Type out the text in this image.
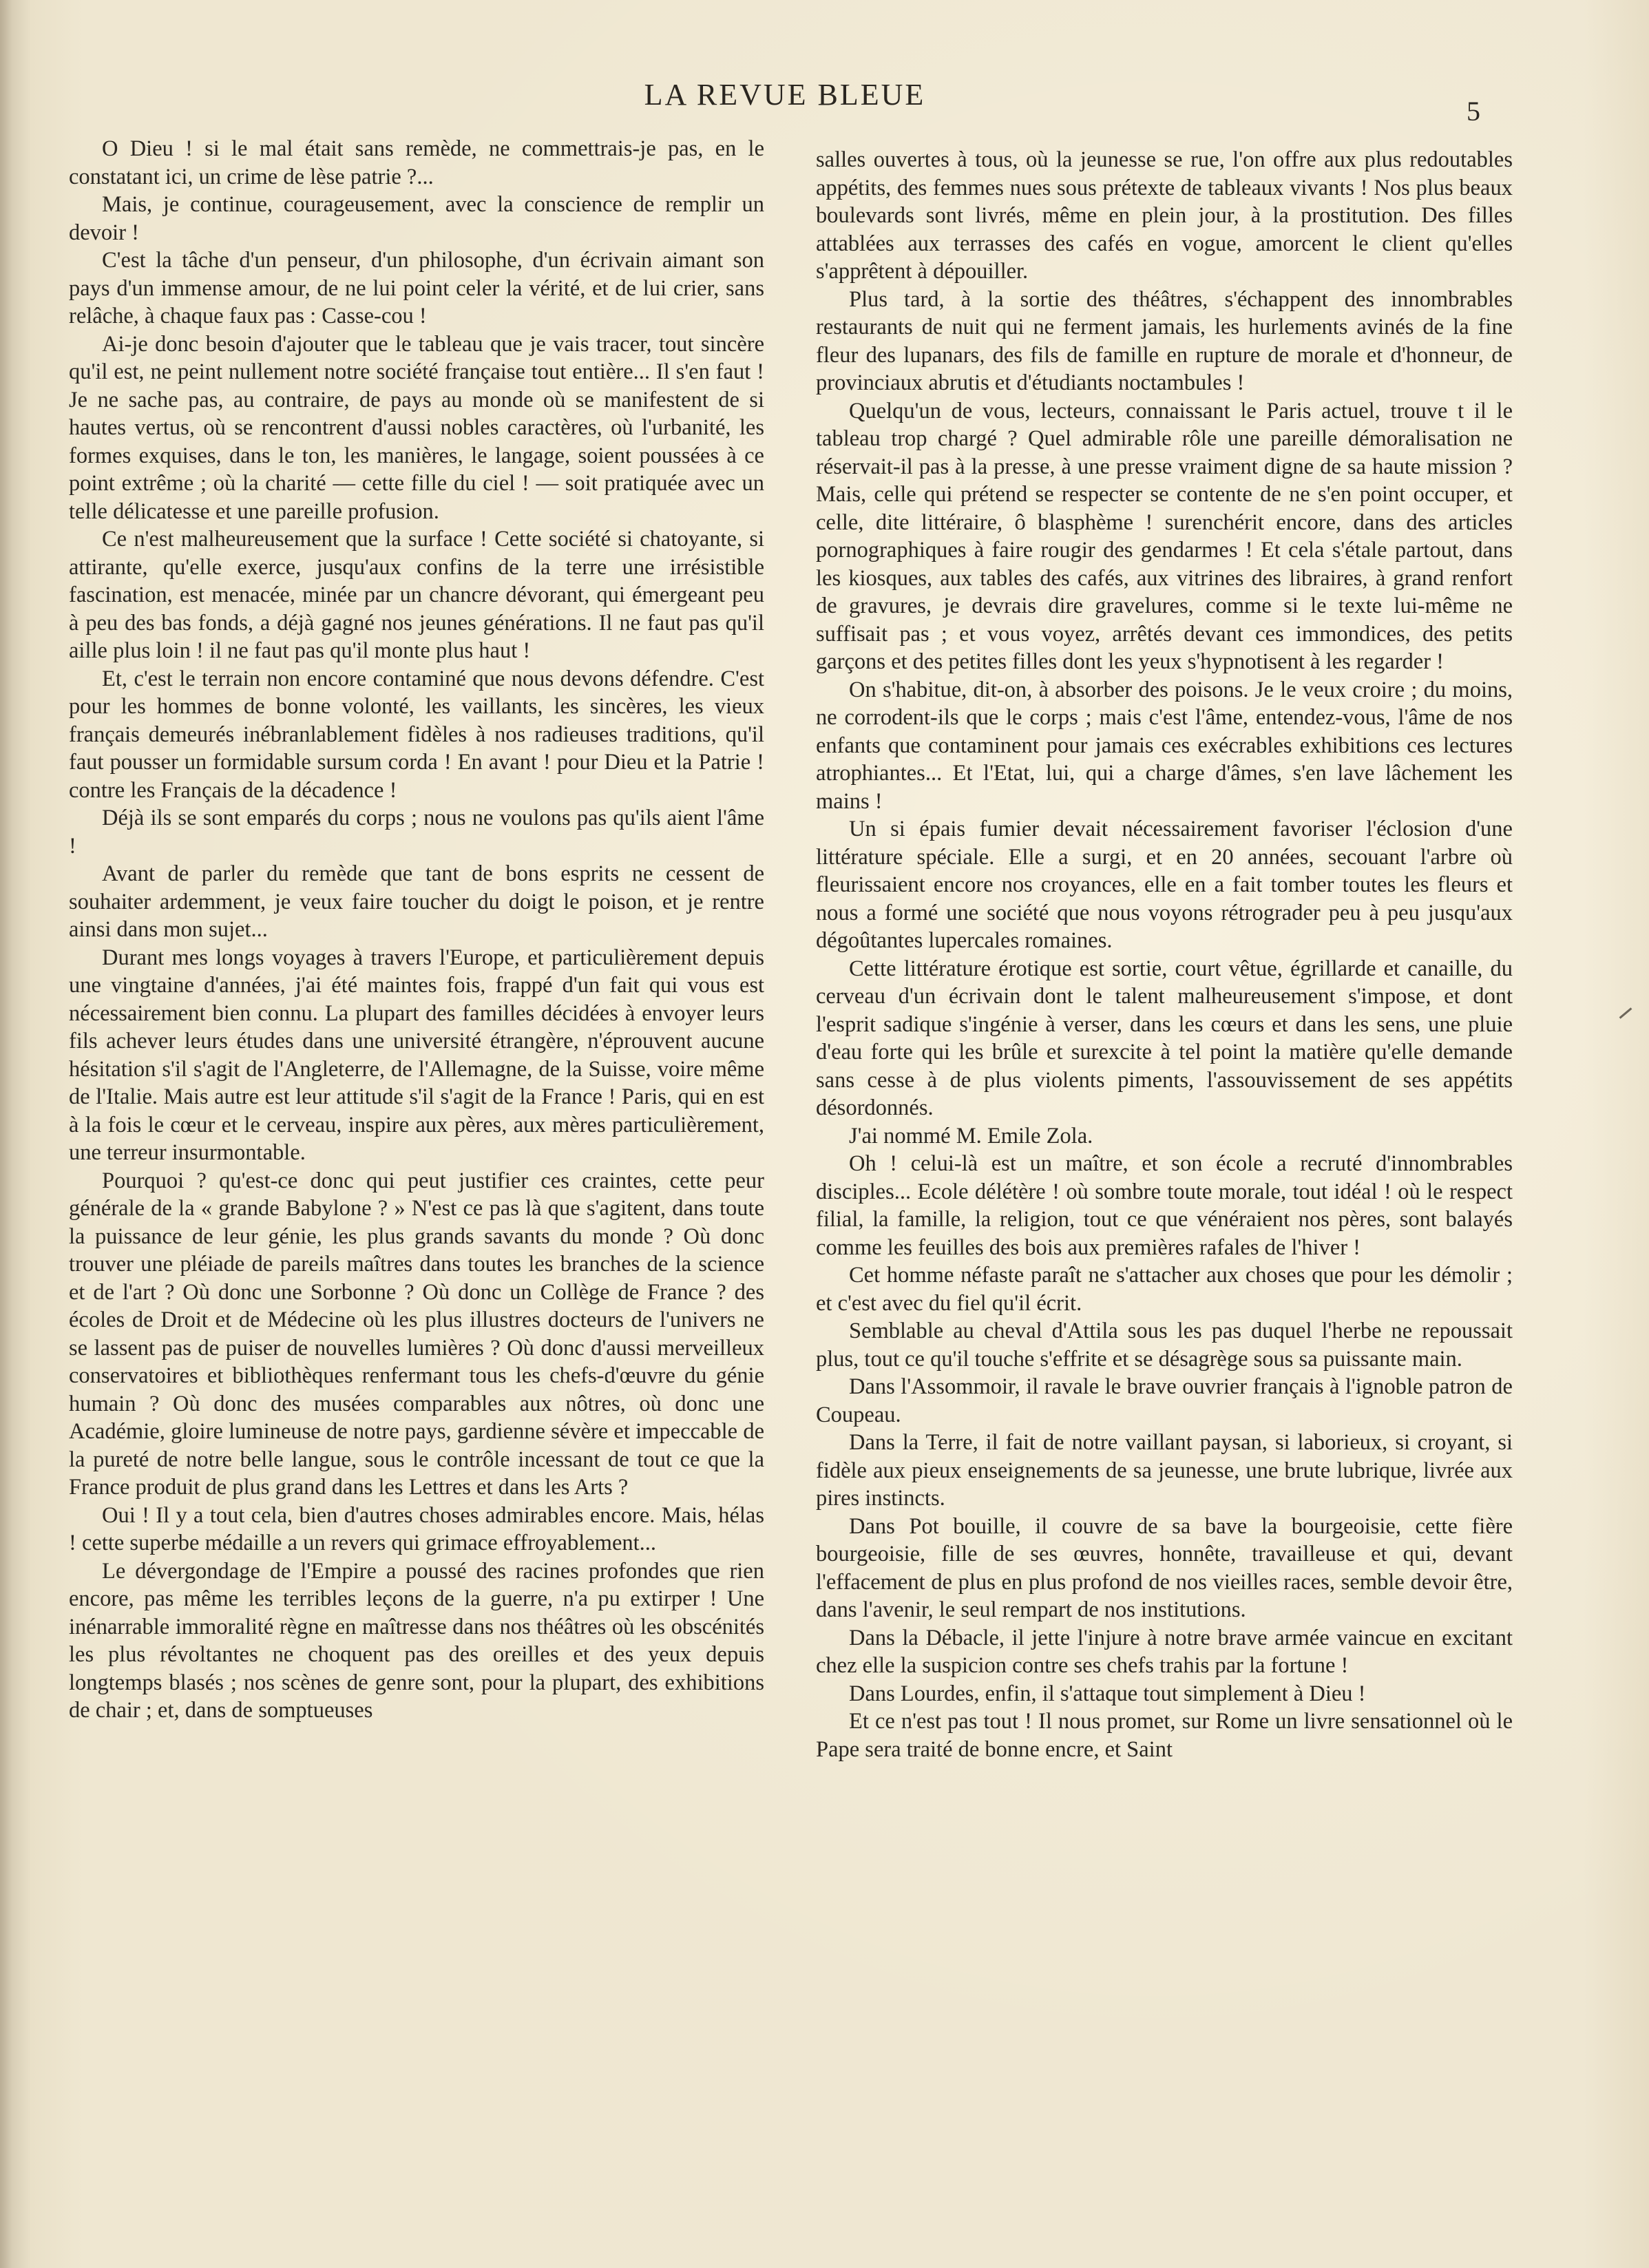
LA REVUE BLEUE	5

O Dieu ! si le mal était sans remède, ne commettrais-je pas, en le constatant ici, un crime de lèse patrie ?...

Mais, je continue, courageusement, avec la conscience de remplir un devoir !

C'est la tâche d'un penseur, d'un philosophe, d'un écrivain aimant son pays d'un immense amour, de ne lui point celer la vérité, et de lui crier, sans relâche, à chaque faux pas : Casse-cou !

Ai-je donc besoin d'ajouter que le tableau que je vais tracer, tout sincère qu'il est, ne peint nullement notre société française tout entière... Il s'en faut ! Je ne sache pas, au contraire, de pays au monde où se manifestent de si hautes vertus, où se rencontrent d'aussi nobles caractères, où l'urbanité, les formes exquises, dans le ton, les manières, le langage, soient poussées à ce point extrême ; où la charité — cette fille du ciel ! — soit pratiquée avec un telle délicatesse et une pareille profusion.

Ce n'est malheureusement que la surface ! Cette société si chatoyante, si attirante, qu'elle exerce, jusqu'aux confins de la terre une irrésistible fascination, est menacée, minée par un chancre dévorant, qui émergeant peu à peu des bas fonds, a déjà gagné nos jeunes générations. Il ne faut pas qu'il aille plus loin ! il ne faut pas qu'il monte plus haut !

Et, c'est le terrain non encore contaminé que nous devons défendre. C'est pour les hommes de bonne volonté, les vaillants, les sincères, les vieux français demeurés inébranlablement fidèles à nos radieuses traditions, qu'il faut pousser un formidable sursum corda ! En avant ! pour Dieu et la Patrie ! contre les Français de la décadence !

Déjà ils se sont emparés du corps ; nous ne voulons pas qu'ils aient l'âme !

Avant de parler du remède que tant de bons esprits ne cessent de souhaiter ardemment, je veux faire toucher du doigt le poison, et je rentre ainsi dans mon sujet...

Durant mes longs voyages à travers l'Europe, et particulièrement depuis une vingtaine d'années, j'ai été maintes fois, frappé d'un fait qui vous est nécessairement bien connu. La plupart des familles décidées à envoyer leurs fils achever leurs études dans une université étrangère, n'éprouvent aucune hésitation s'il s'agit de l'Angleterre, de l'Allemagne, de la Suisse, voire même de l'Italie. Mais autre est leur attitude s'il s'agit de la France ! Paris, qui en est à la fois le cœur et le cerveau, inspire aux pères, aux mères particulièrement, une terreur insurmontable.

Pourquoi ? qu'est-ce donc qui peut justifier ces craintes, cette peur générale de la « grande Babylone ? » N'est ce pas là que s'agitent, dans toute la puissance de leur génie, les plus grands savants du monde ? Où donc trouver une pléiade de pareils maîtres dans toutes les branches de la science et de l'art ? Où donc une Sorbonne ? Où donc un Collège de France ? des écoles de Droit et de Médecine où les plus illustres docteurs de l'univers ne se lassent pas de puiser de nouvelles lumières ? Où donc d'aussi merveilleux conservatoires et bibliothèques renfermant tous les chefs-d'œuvre du génie humain ? Où donc des musées comparables aux nôtres, où donc une Académie, gloire lumineuse de notre pays, gardienne sévère et impeccable de la pureté de notre belle langue, sous le contrôle incessant de tout ce que la France produit de plus grand dans les Lettres et dans les Arts ?

Oui ! Il y a tout cela, bien d'autres choses admirables encore. Mais, hélas ! cette superbe médaille a un revers qui grimace effroyablement...

Le dévergondage de l'Empire a poussé des racines profondes que rien encore, pas même les terribles leçons de la guerre, n'a pu extirper ! Une inénarrable immoralité règne en maîtresse dans nos théâtres où les obscénités les plus révoltantes ne choquent pas des oreilles et des yeux depuis longtemps blasés ; nos scènes de genre sont, pour la plupart, des exhibitions de chair ; et, dans de somptueuses

salles ouvertes à tous, où la jeunesse se rue, l'on offre aux plus redoutables appétits, des femmes nues sous prétexte de tableaux vivants ! Nos plus beaux boulevards sont livrés, même en plein jour, à la prostitution. Des filles attablées aux terrasses des cafés en vogue, amorcent le client qu'elles s'apprêtent à dépouiller.

Plus tard, à la sortie des théâtres, s'échappent des innombrables restaurants de nuit qui ne ferment jamais, les hurlements avinés de la fine fleur des lupanars, des fils de famille en rupture de morale et d'honneur, de provinciaux abrutis et d'étudiants noctambules !

Quelqu'un de vous, lecteurs, connaissant le Paris actuel, trouve t il le tableau trop chargé ? Quel admirable rôle une pareille démoralisation ne réservait-il pas à la presse, à une presse vraiment digne de sa haute mission ? Mais, celle qui prétend se respecter se contente de ne s'en point occuper, et celle, dite littéraire, ô blasphème ! surenchérit encore, dans des articles pornographiques à faire rougir des gendarmes ! Et cela s'étale partout, dans les kiosques, aux tables des cafés, aux vitrines des libraires, à grand renfort de gravures, je devrais dire gravelures, comme si le texte lui-même ne suffisait pas ; et vous voyez, arrêtés devant ces immondices, des petits garçons et des petites filles dont les yeux s'hypnotisent à les regarder !

On s'habitue, dit-on, à absorber des poisons. Je le veux croire ; du moins, ne corrodent-ils que le corps ; mais c'est l'âme, entendez-vous, l'âme de nos enfants que contaminent pour jamais ces exécrables exhibitions ces lectures atrophiantes... Et l'Etat, lui, qui a charge d'âmes, s'en lave lâchement les mains !

Un si épais fumier devait nécessairement favoriser l'éclosion d'une littérature spéciale. Elle a surgi, et en 20 années, secouant l'arbre où fleurissaient encore nos croyances, elle en a fait tomber toutes les fleurs et nous a formé une société que nous voyons rétrograder peu à peu jusqu'aux dégoûtantes lupercales romaines.

Cette littérature érotique est sortie, court vêtue, égrillarde et canaille, du cerveau d'un écrivain dont le talent malheureusement s'impose, et dont l'esprit sadique s'ingénie à verser, dans les cœurs et dans les sens, une pluie d'eau forte qui les brûle et surexcite à tel point la matière qu'elle demande sans cesse à de plus violents piments, l'assouvissement de ses appétits désordonnés.

J'ai nommé M. Emile Zola.

Oh ! celui-là est un maître, et son école a recruté d'innombrables disciples... Ecole délétère ! où sombre toute morale, tout idéal ! où le respect filial, la famille, la religion, tout ce que vénéraient nos pères, sont balayés comme les feuilles des bois aux premières rafales de l'hiver !

Cet homme néfaste paraît ne s'attacher aux choses que pour les démolir ; et c'est avec du fiel qu'il écrit.

Semblable au cheval d'Attila sous les pas duquel l'herbe ne repoussait plus, tout ce qu'il touche s'effrite et se désagrège sous sa puissante main.

Dans l'Assommoir, il ravale le brave ouvrier français à l'ignoble patron de Coupeau.

Dans la Terre, il fait de notre vaillant paysan, si laborieux, si croyant, si fidèle aux pieux enseignements de sa jeunesse, une brute lubrique, livrée aux pires instincts.

Dans Pot bouille, il couvre de sa bave la bourgeoisie, cette fière bourgeoisie, fille de ses œuvres, honnête, travailleuse et qui, devant l'effacement de plus en plus profond de nos vieilles races, semble devoir être, dans l'avenir, le seul rempart de nos institutions.

Dans la Débacle, il jette l'injure à notre brave armée vaincue en excitant chez elle la suspicion contre ses chefs trahis par la fortune !

Dans Lourdes, enfin, il s'attaque tout simplement à Dieu !

Et ce n'est pas tout ! Il nous promet, sur Rome un livre sensationnel où le Pape sera traité de bonne encre, et Saint
